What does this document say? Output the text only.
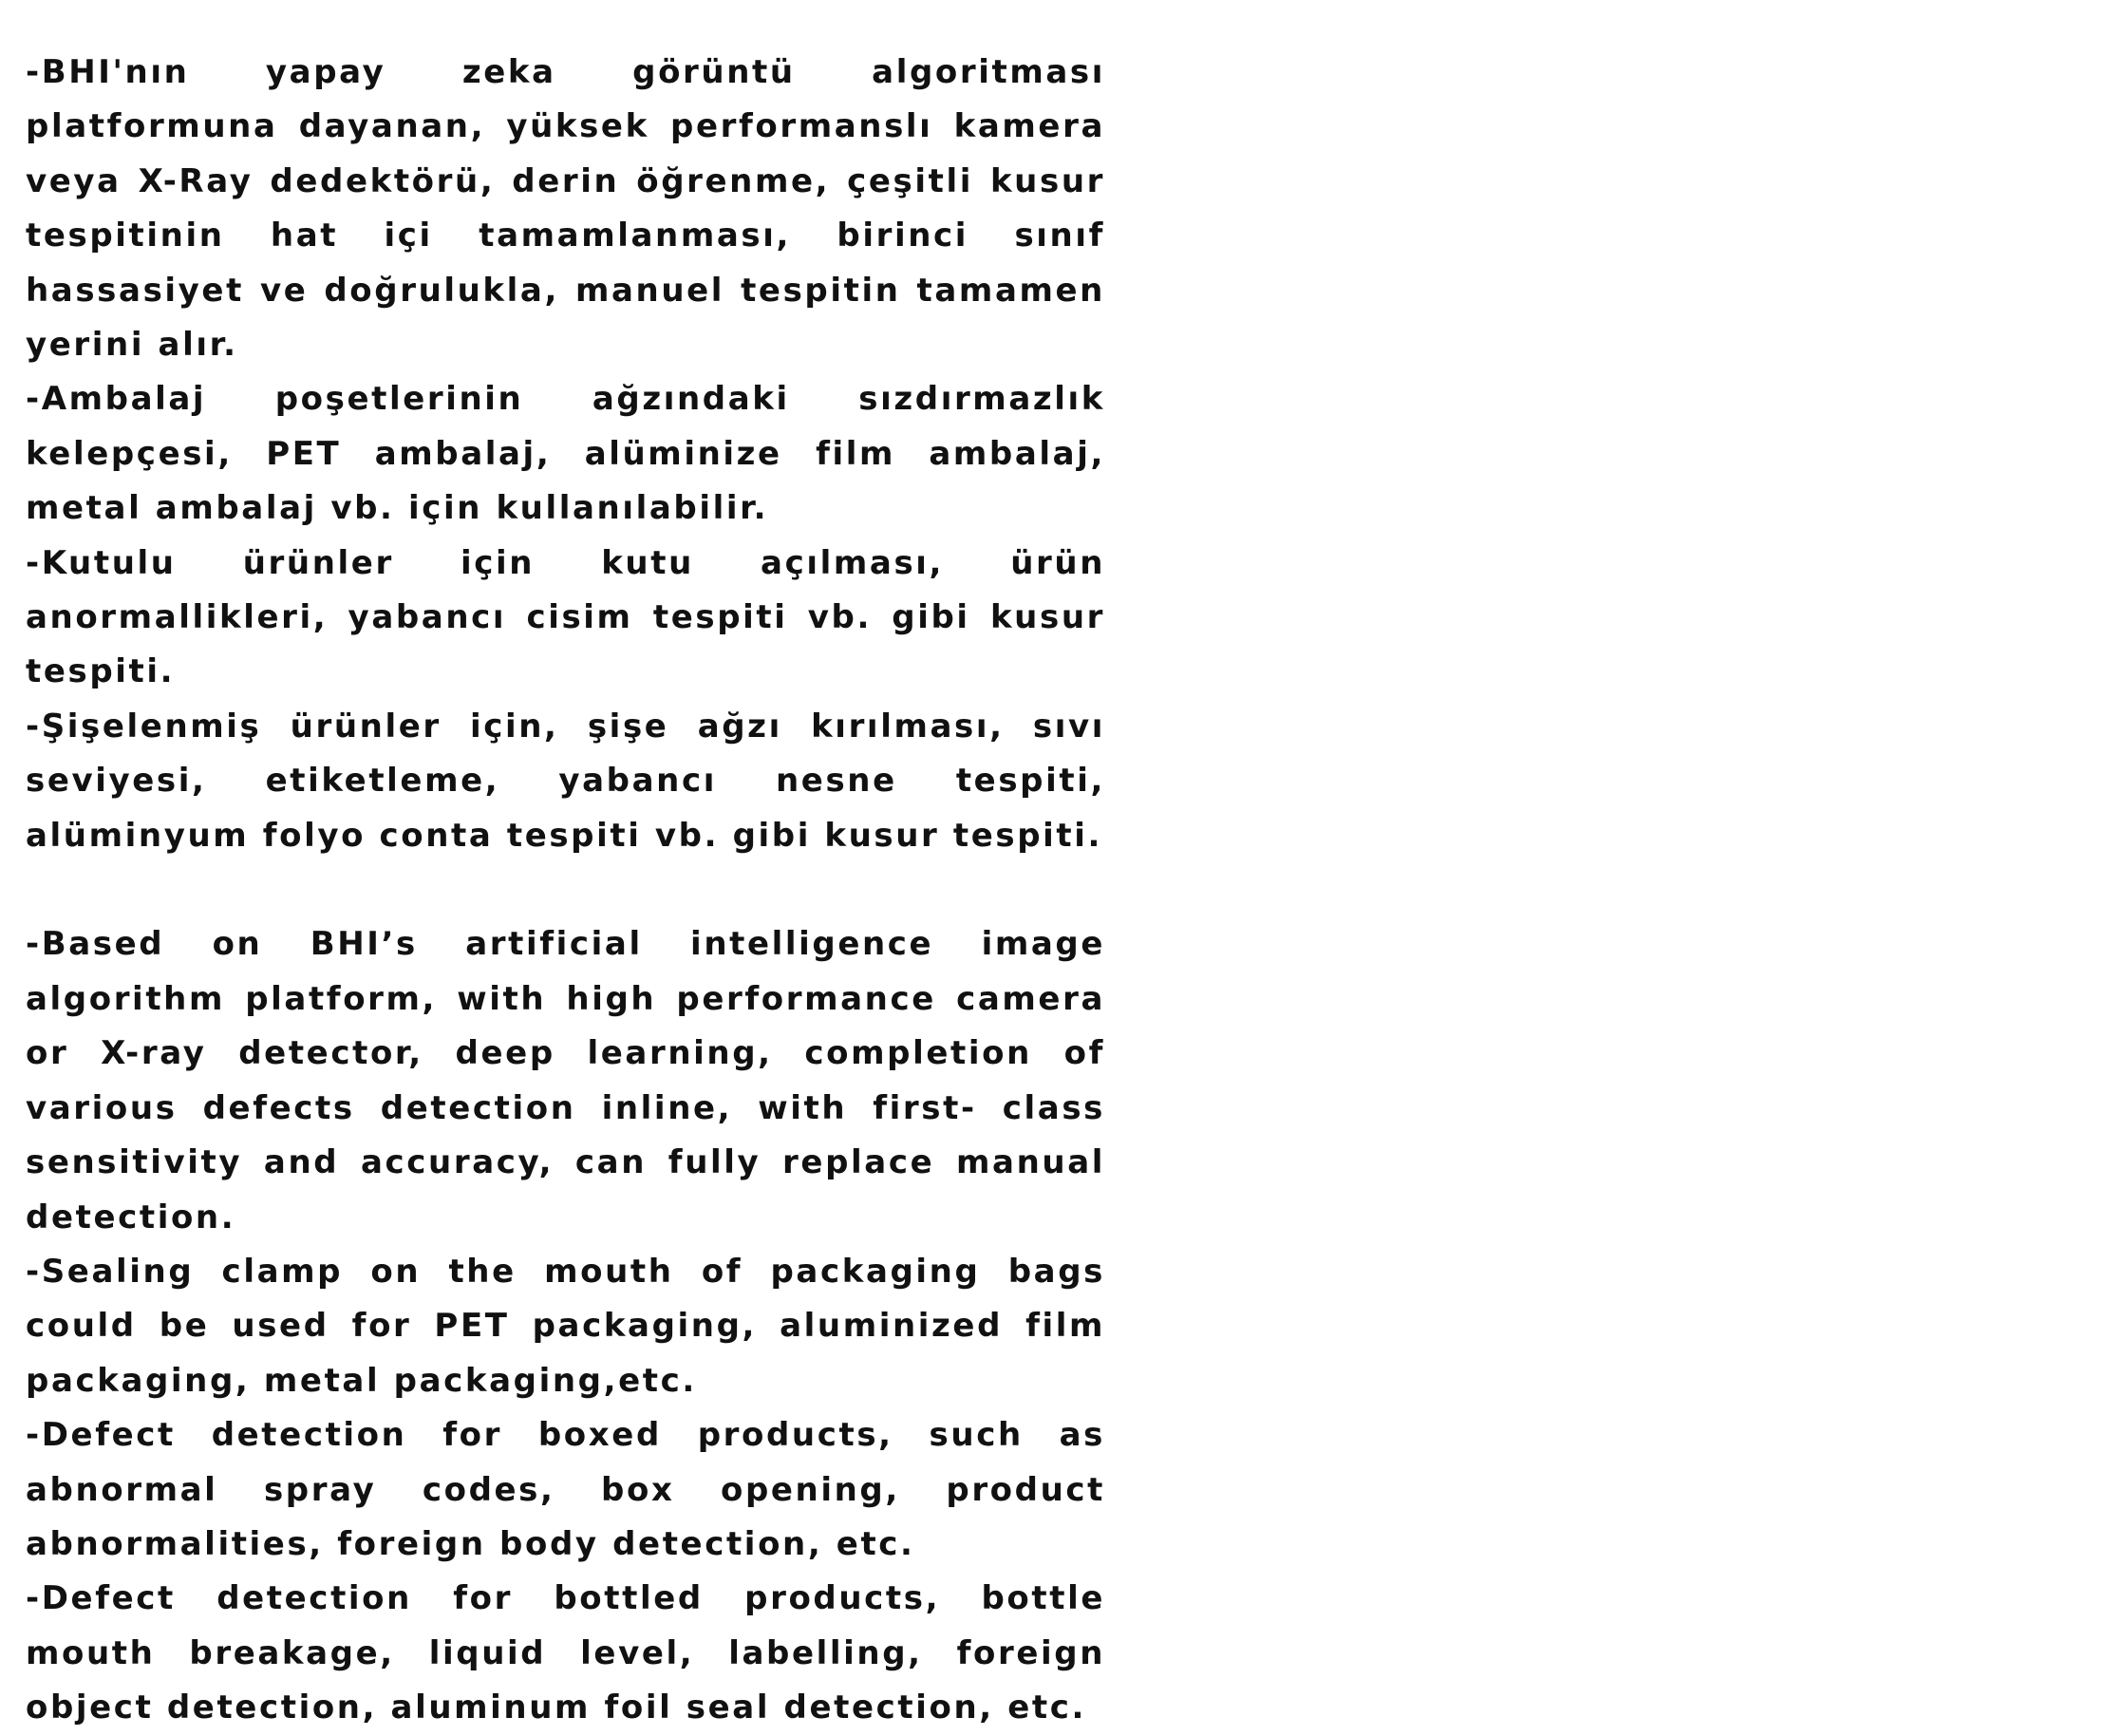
-BHI'nın yapay zeka görüntü algoritması platformuna dayanan, yüksek performanslı kamera veya X-Ray dedektörü, derin öğrenme, çeşitli kusur tespitinin hat içi tamamlanması, birinci sınıf hassasiyet ve doğrulukla, manuel tespitin tamamen yerini alır.

-Ambalaj poşetlerinin ağzındaki sızdırmazlık kelepçesi, PET ambalaj, alüminize film ambalaj, metal ambalaj vb. için kullanılabilir.

-Kutulu ürünler için kutu açılması, ürün anormallikleri, yabancı cisim tespiti vb. gibi kusur tespiti.

-Şişelenmiş ürünler için, şişe ağzı kırılması, sıvı seviyesi, etiketleme, yabancı nesne tespiti, alüminyum folyo conta tespiti vb. gibi kusur tespiti.

-Based on BHI’s artificial intelligence image algorithm platform, with high performance camera or X-ray detector, deep learning, completion of various defects detection inline, with first- class sensitivity and accuracy, can fully replace manual detection.

-Sealing clamp on the mouth of packaging bags could be used for PET packaging, aluminized film packaging, metal packaging,etc.

-Defect detection for boxed products, such as abnormal spray codes, box opening, product abnormalities, foreign body detection, etc.

-Defect detection for bottled products, bottle mouth breakage, liquid level, labelling, foreign object detection, aluminum foil seal detection, etc.
